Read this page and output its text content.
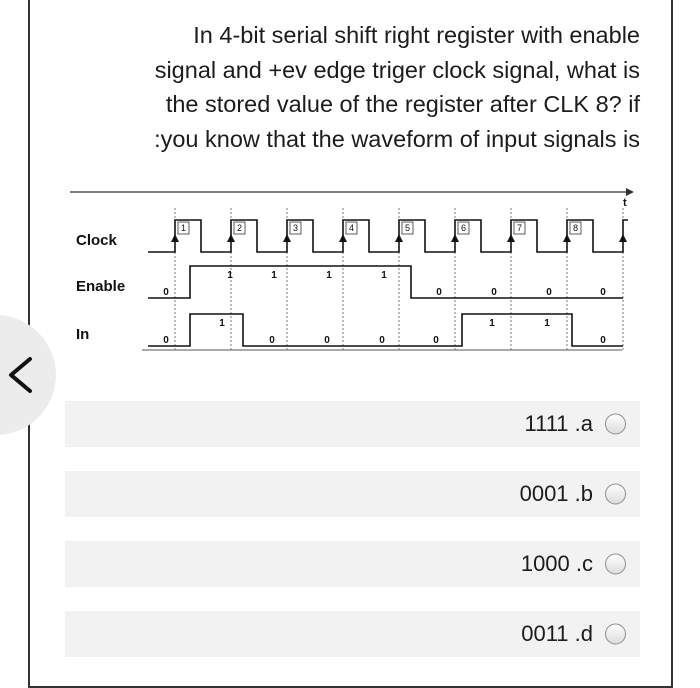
In 4-bit serial shift right register with enable
signal and +ev edge triger clock signal, what is
the stored value of the register after CLK 8? if
:you know that the waveform of input signals is
t
Clock
Enable
In
1	2	3	4	5	6	7	8
0
1	1	1	1
0	0	0	0
0
1
0	0	0	0
1	1
0
1111 .a
0001 .b
1000 .c
0011 .d
